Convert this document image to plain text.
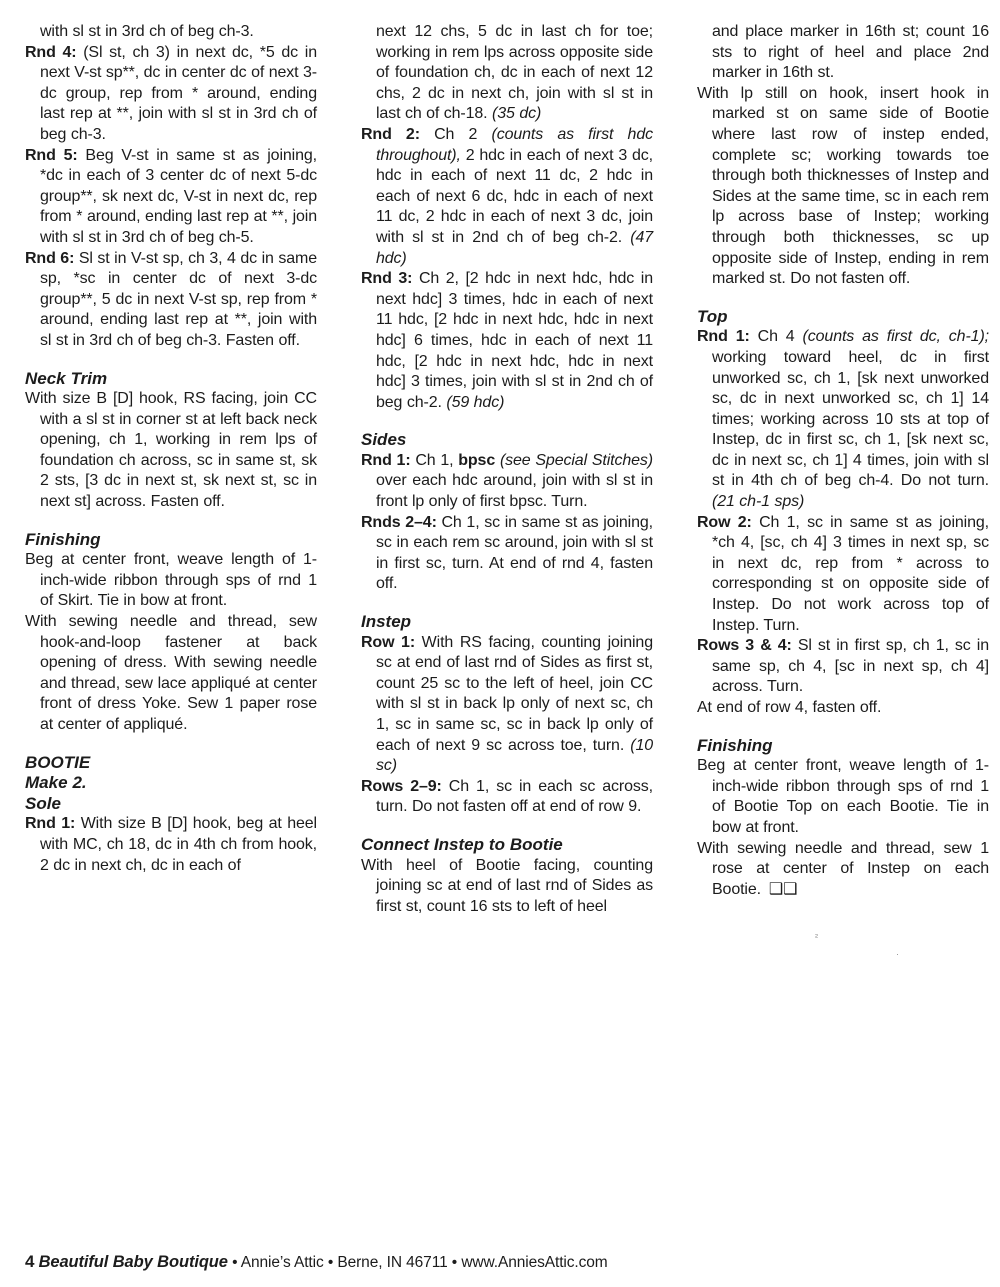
with sl st in 3rd ch of beg ch-3.

Rnd 4: (Sl st, ch 3) in next dc, *5 dc in next V-st sp**, dc in center dc of next 3-dc group, rep from * around, ending last rep at **, join with sl st in 3rd ch of beg ch-3.

Rnd 5: Beg V-st in same st as joining, *dc in each of 3 center dc of next 5-dc group**, sk next dc, V-st in next dc, rep from * around, ending last rep at **, join with sl st in 3rd ch of beg ch-5.

Rnd 6: Sl st in V-st sp, ch 3, 4 dc in same sp, *sc in center dc of next 3-dc group**, 5 dc in next V-st sp, rep from * around, ending last rep at **, join with sl st in 3rd ch of beg ch-3. Fasten off.

Neck Trim

With size B [D] hook, RS facing, join CC with a sl st in corner st at left back neck opening, ch 1, working in rem lps of foundation ch across, sc in same st, sk 2 sts, [3 dc in next st, sk next st, sc in next st] across. Fasten off.

Finishing

Beg at center front, weave length of 1-inch-wide ribbon through sps of rnd 1 of Skirt. Tie in bow at front.

With sewing needle and thread, sew hook-and-loop fastener at back opening of dress. With sewing needle and thread, sew lace appliqué at center front of dress Yoke. Sew 1 paper rose at center of appliqué.

BOOTIE
Make 2.
Sole

Rnd 1: With size B [D] hook, beg at heel with MC, ch 18, dc in 4th ch from hook, 2 dc in next ch, dc in each of

next 12 chs, 5 dc in last ch for toe; working in rem lps across opposite side of foundation ch, dc in each of next 12 chs, 2 dc in next ch, join with sl st in last ch of ch-18. (35 dc)

Rnd 2: Ch 2 (counts as first hdc throughout), 2 hdc in each of next 3 dc, hdc in each of next 11 dc, 2 hdc in each of next 6 dc, hdc in each of next 11 dc, 2 hdc in each of next 3 dc, join with sl st in 2nd ch of beg ch-2. (47 hdc)

Rnd 3: Ch 2, [2 hdc in next hdc, hdc in next hdc] 3 times, hdc in each of next 11 hdc, [2 hdc in next hdc, hdc in next hdc] 6 times, hdc in each of next 11 hdc, [2 hdc in next hdc, hdc in next hdc] 3 times, join with sl st in 2nd ch of beg ch-2. (59 hdc)

Sides

Rnd 1: Ch 1, bpsc (see Special Stitches) over each hdc around, join with sl st in front lp only of first bpsc. Turn.

Rnds 2–4: Ch 1, sc in same st as joining, sc in each rem sc around, join with sl st in first sc, turn. At end of rnd 4, fasten off.

Instep

Row 1: With RS facing, counting joining sc at end of last rnd of Sides as first st, count 25 sc to the left of heel, join CC with sl st in back lp only of next sc, ch 1, sc in same sc, sc in back lp only of each of next 9 sc across toe, turn. (10 sc)

Rows 2–9: Ch 1, sc in each sc across, turn. Do not fasten off at end of row 9.

Connect Instep to Bootie

With heel of Bootie facing, counting joining sc at end of last rnd of Sides as first st, count 16 sts to left of heel

and place marker in 16th st; count 16 sts to right of heel and place 2nd marker in 16th st.

With lp still on hook, insert hook in marked st on same side of Bootie where last row of instep ended, complete sc; working towards toe through both thicknesses of Instep and Sides at the same time, sc in each rem lp across base of Instep; working through both thicknesses, sc up opposite side of Instep, ending in rem marked st. Do not fasten off.

Top

Rnd 1: Ch 4 (counts as first dc, ch-1); working toward heel, dc in first unworked sc, ch 1, [sk next unworked sc, dc in next unworked sc, ch 1] 14 times; working across 10 sts at top of Instep, dc in first sc, ch 1, [sk next sc, dc in next sc, ch 1] 4 times, join with sl st in 4th ch of beg ch-4. Do not turn. (21 ch-1 sps)

Row 2: Ch 1, sc in same st as joining, *ch 4, [sc, ch 4] 3 times in next sp, sc in next dc, rep from * across to corresponding st on opposite side of Instep. Do not work across top of Instep. Turn.

Rows 3 & 4: Sl st in first sp, ch 1, sc in same sp, ch 4, [sc in next sp, ch 4] across. Turn.

At end of row 4, fasten off.

Finishing

Beg at center front, weave length of 1-inch-wide ribbon through sps of rnd 1 of Bootie Top on each Bootie. Tie in bow at front.

With sewing needle and thread, sew 1 rose at center of Instep on each Bootie. ❑❑

4 Beautiful Baby Boutique • Annie’s Attic • Berne, IN 46711 • www.AnniesAttic.com
²
·
